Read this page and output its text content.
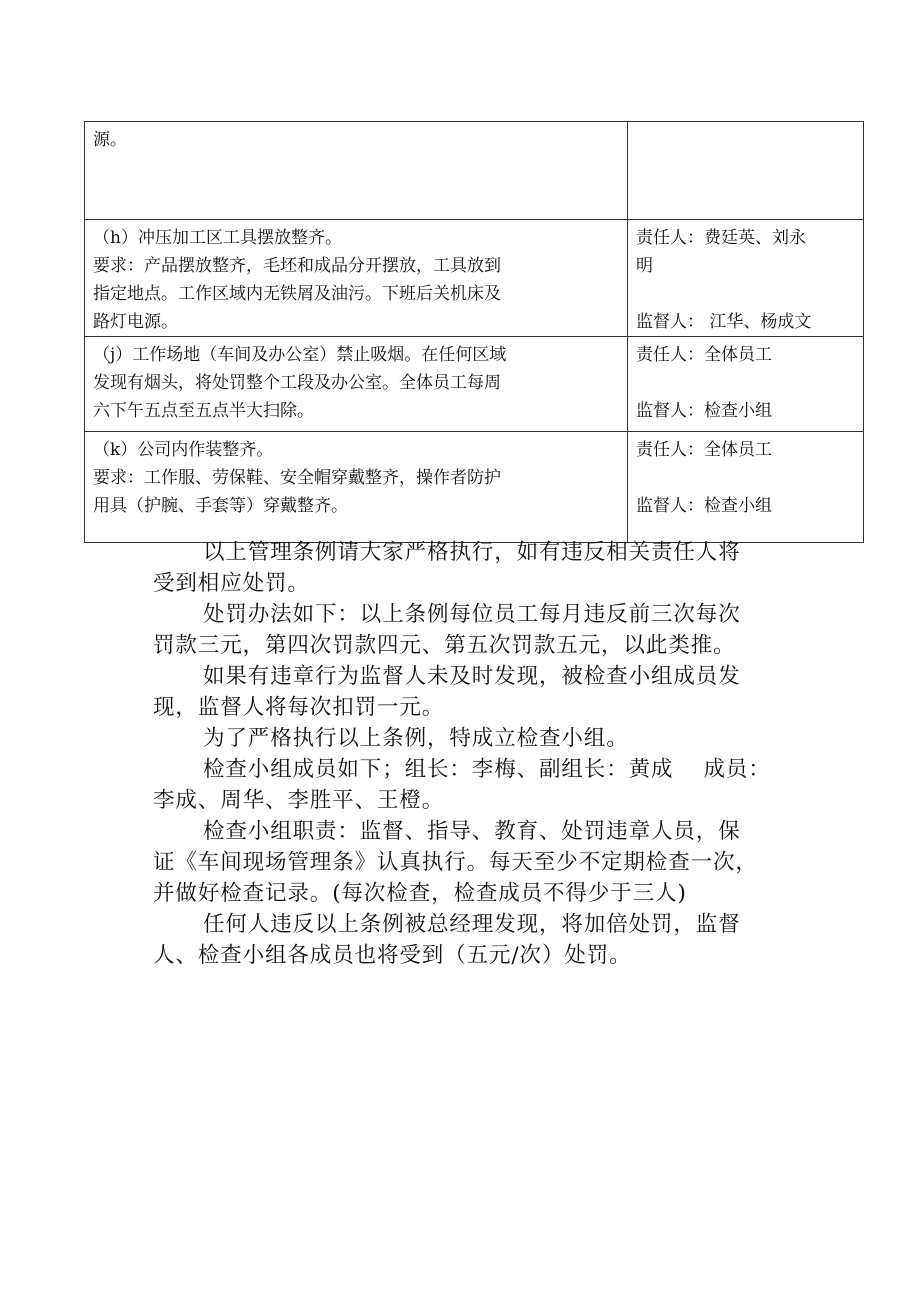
源。	

（h）冲压加工区工具摆放整齐。
要求：产品摆放整齐，毛坯和成品分开摆放，工具放到
指定地点。工作区域内无铁屑及油污。下班后关机床及
路灯电源。	责任人：费廷英、刘永
明
监督人： 江华、杨成文

（j）工作场地（车间及办公室）禁止吸烟。在任何区域
发现有烟头，将处罚整个工段及办公室。全体员工每周
六下午五点至五点半大扫除。	责任人：全体员工
监督人：检查小组

（k）公司内作装整齐。
要求：工作服、劳保鞋、安全帽穿戴整齐，操作者防护
用具（护腕、手套等）穿戴整齐。	责任人：全体员工
监督人：检查小组

以上管理条例请大家严格执行，如有违反相关责任人将
受到相应处罚。

处罚办法如下：以上条例每位员工每月违反前三次每次
罚款三元，第四次罚款四元、第五次罚款五元，以此类推。

如果有违章行为监督人未及时发现，被检查小组成员发
现，监督人将每次扣罚一元。

为了严格执行以上条例，特成立检查小组。

检查小组成员如下；组长：李梅、副组长：黄成　 成员：
李成、周华、李胜平、王橙。

检查小组职责：监督、指导、教育、处罚违章人员，保
证《车间现场管理条》认真执行。每天至少不定期检查一次，
并做好检查记录。(每次检查，检查成员不得少于三人)

任何人违反以上条例被总经理发现，将加倍处罚，监督
人、检查小组各成员也将受到（五元/次）处罚。
